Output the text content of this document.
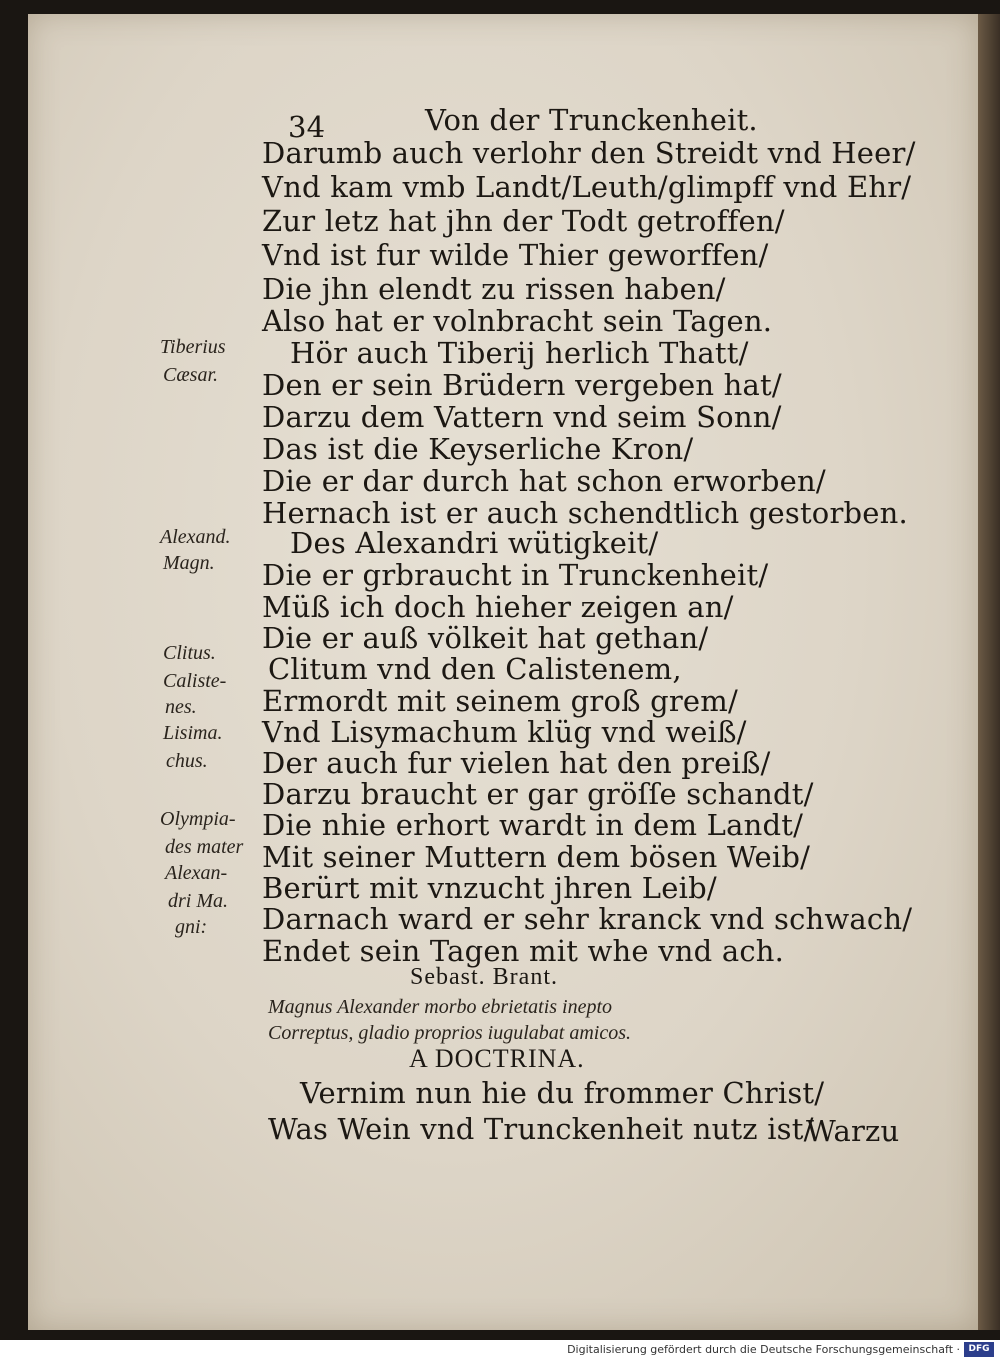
34	Von der Trunckenheit.
Darumb auch verlohr den Streidt vnd Heer/
Vnd kam vmb Landt/Leuth/glimpff vnd Ehr/
Zur letz hat jhn der Todt getroffen/
Vnd ist fur wilde Thier geworffen/
Die jhn elendt zu rissen haben/
Also hat er volnbracht sein Tagen.
Hör auch Tiberij herlich Thatt/
Den er sein Brüdern vergeben hat/
Darzu dem Vattern vnd seim Sonn/
Das ist die Keyserliche Kron/
Die er dar durch hat schon erworben/
Hernach ist er auch schendtlich gestorben.
Des Alexandri wütigkeit/
Die er grbraucht in Trunckenheit/
Müß ich doch hieher zeigen an/
Die er auß völkeit hat gethan/
Clitum vnd den Calistenem,
Ermordt mit seinem groß grem/
Vnd Lisymachum klüg vnd weiß/
Der auch fur vielen hat den preiß/
Darzu braucht er gar gröſſe schandt/
Die nhie erhort wardt in dem Landt/
Mit seiner Muttern dem bösen Weib/
Berürt mit vnzucht jhren Leib/
Darnach ward er sehr kranck vnd schwach/
Endet sein Tagen mit whe vnd ach.
Tiberius
Cæsar.
Alexand.
Magn.
Clitus.
Caliste-
nes.
Lisima.
chus.
Olympia-
des mater
Alexan-
dri Ma.
gni:
Sebast. Brant.
Magnus Alexander morbo ebrietatis inepto
Correptus, gladio proprios iugulabat amicos.
A DOCTRINA.
Vernim nun hie du frommer Christ/
Was Wein vnd Trunckenheit nutz ist/
Warzu
Digitalisierung gefördert durch die Deutsche Forschungsgemeinschaft · DFG
